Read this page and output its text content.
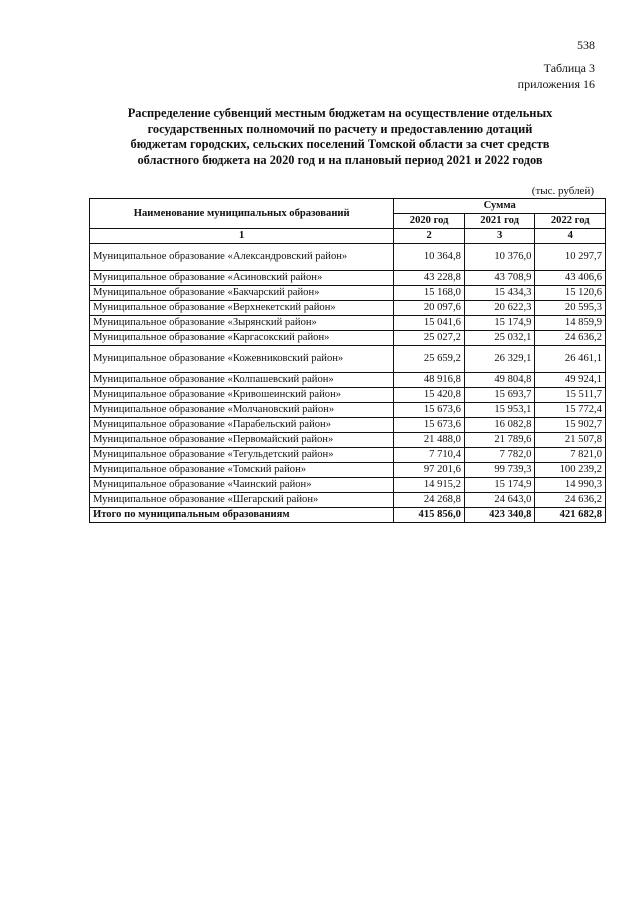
538
Таблица 3
приложения 16
Распределение субвенций местным бюджетам на осуществление отдельных
государственных полномочий по расчету и предоставлению дотаций
бюджетам городских, сельских поселений Томской области за счет средств
областного бюджета на 2020 год и на плановый период 2021 и 2022 годов
(тыс. рублей)
Наименование муниципальных образований	Сумма		
	2020 год	2021 год	2022 год
1	2	3	4
Муниципальное образование «Александровский район»	10 364,8	10 376,0	10 297,7
Муниципальное образование «Асиновский район»	43 228,8	43 708,9	43 406,6
Муниципальное образование «Бакчарский район»	15 168,0	15 434,3	15 120,6
Муниципальное образование «Верхнекетский район»	20 097,6	20 622,3	20 595,3
Муниципальное образование «Зырянский район»	15 041,6	15 174,9	14 859,9
Муниципальное образование «Каргасокский район»	25 027,2	25 032,1	24 636,2
Муниципальное образование «Кожевниковский район»	25 659,2	26 329,1	26 461,1
Муниципальное образование «Колпашевский район»	48 916,8	49 804,8	49 924,1
Муниципальное образование «Кривошеинский район»	15 420,8	15 693,7	15 511,7
Муниципальное образование «Молчановский район»	15 673,6	15 953,1	15 772,4
Муниципальное образование «Парабельский район»	15 673,6	16 082,8	15 902,7
Муниципальное образование «Первомайский район»	21 488,0	21 789,6	21 507,8
Муниципальное образование «Тегульдетский район»	7 710,4	7 782,0	7 821,0
Муниципальное образование «Томский район»	97 201,6	99 739,3	100 239,2
Муниципальное образование «Чаинский район»	14 915,2	15 174,9	14 990,3
Муниципальное образование «Шегарский район»	24 268,8	24 643,0	24 636,2
Итого по муниципальным образованиям	415 856,0	423 340,8	421 682,8
